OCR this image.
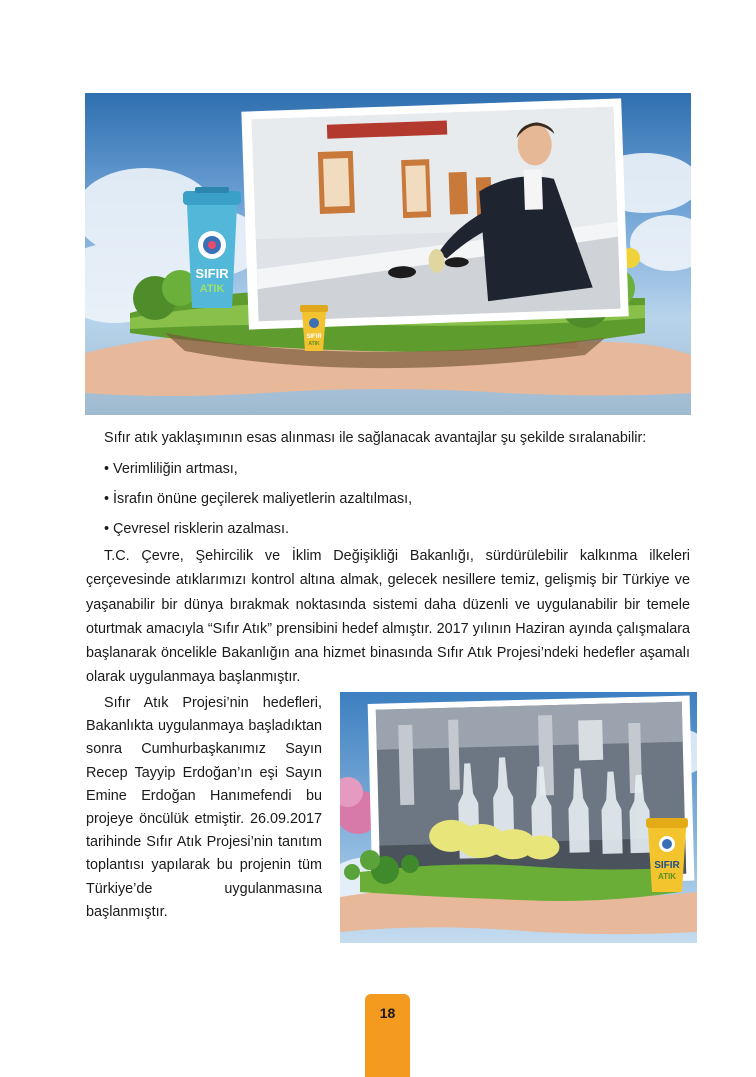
SIFIR
ATIK
SIFIR
ATIK

Sıfır atık yaklaşımının esas alınması ile sağlanacak avantajlar şu şekilde sıralanabilir:

• Verimliliğin artması,
• İsrafın önüne geçilerek maliyetlerin azaltılması,
• Çevresel risklerin azalması.

T.C. Çevre, Şehircilik ve İklim Değişikliği Bakanlığı, sürdürülebilir kalkınma ilkeleri çerçevesinde atıklarımızı kontrol altına almak, gelecek nesillere temiz, gelişmiş bir Türkiye ve yaşanabilir bir dünya bırakmak noktasında sistemi daha düzenli ve uygulanabilir bir temele oturtmak amacıyla “Sıfır Atık” prensibini hedef almıştır. 2017 yılının Haziran ayında çalışmalara başlanarak öncelikle Bakanlığın ana hizmet binasında Sıfır Atık Projesi’ndeki hedefler aşamalı olarak uygulanmaya başlanmıştır.

Sıfır Atık Projesi’nin hedefleri, Bakanlıkta uygulanmaya başladıktan sonra Cumhurbaşkanımız Sayın Recep Tayyip Erdoğan’ın eşi Sayın Emine Erdoğan Hanımefendi bu projeye öncülük etmiştir. 26.09.2017 tarihinde Sıfır Atık Projesi’nin tanıtım toplantısı yapılarak bu projenin tüm Türkiye’de uygulanmasına başlanmıştır.

SIFIR
ATIK
18
